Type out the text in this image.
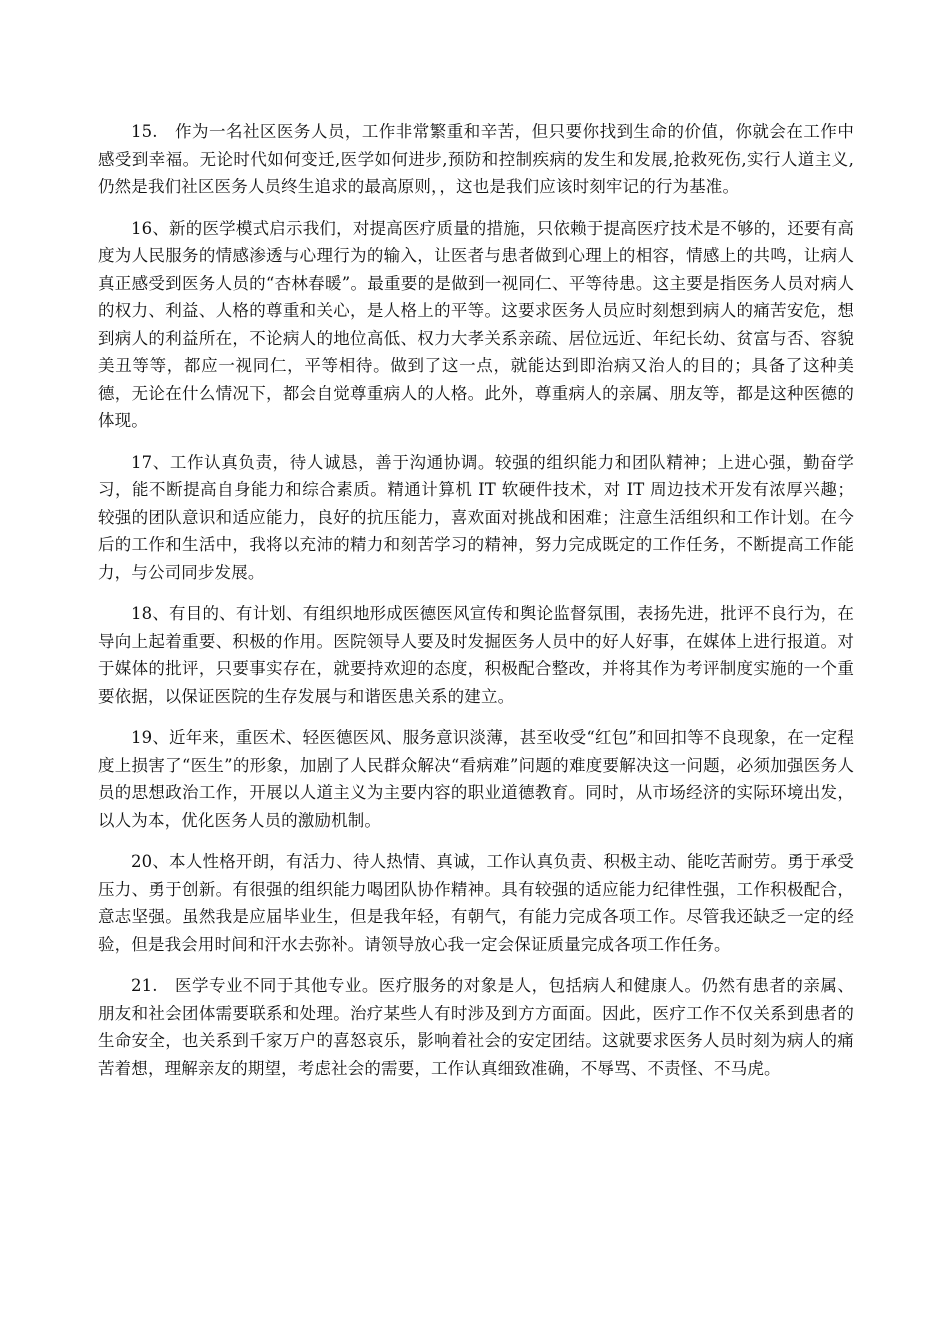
15.　作为一名社区医务人员，工作非常繁重和辛苦，但只要你找到生命的价值，你就会在工作中感受到幸福。无论时代如何变迁,医学如何进步,预防和控制疾病的发生和发展,抢救死伤,实行人道主义,仍然是我们社区医务人员终生追求的最高原则，，这也是我们应该时刻牢记的行为基准。

16、新的医学模式启示我们，对提高医疗质量的措施，只依赖于提高医疗技术是不够的，还要有高度为人民服务的情感渗透与心理行为的输入，让医者与患者做到心理上的相容，情感上的共鸣，让病人真正感受到医务人员的“杏林春暖”。最重要的是做到一视同仁、平等待患。这主要是指医务人员对病人的权力、利益、人格的尊重和关心，是人格上的平等。这要求医务人员应时刻想到病人的痛苦安危，想到病人的利益所在，不论病人的地位高低、权力大孝关系亲疏、居位远近、年纪长幼、贫富与否、容貌美丑等等，都应一视同仁，平等相待。做到了这一点，就能达到即治病又治人的目的；具备了这种美德，无论在什么情况下，都会自觉尊重病人的人格。此外，尊重病人的亲属、朋友等，都是这种医德的体现。

17、工作认真负责，待人诚恳，善于沟通协调。较强的组织能力和团队精神；上进心强，勤奋学习，能不断提高自身能力和综合素质。精通计算机 IT 软硬件技术，对 IT 周边技术开发有浓厚兴趣；较强的团队意识和适应能力，良好的抗压能力，喜欢面对挑战和困难；注意生活组织和工作计划。在今后的工作和生活中，我将以充沛的精力和刻苦学习的精神，努力完成既定的工作任务，不断提高工作能力，与公司同步发展。

18、有目的、有计划、有组织地形成医德医风宣传和舆论监督氛围，表扬先进，批评不良行为，在导向上起着重要、积极的作用。医院领导人要及时发掘医务人员中的好人好事，在媒体上进行报道。对于媒体的批评，只要事实存在，就要持欢迎的态度，积极配合整改，并将其作为考评制度实施的一个重要依据，以保证医院的生存发展与和谐医患关系的建立。

19、近年来，重医术、轻医德医风、服务意识淡薄，甚至收受“红包”和回扣等不良现象，在一定程度上损害了“医生”的形象，加剧了人民群众解决“看病难”问题的难度要解决这一问题，必须加强医务人员的思想政治工作，开展以人道主义为主要内容的职业道德教育。同时，从市场经济的实际环境出发，以人为本，优化医务人员的激励机制。

20、本人性格开朗，有活力、待人热情、真诚，工作认真负责、积极主动、能吃苦耐劳。勇于承受压力、勇于创新。有很强的组织能力喝团队协作精神。具有较强的适应能力纪律性强，工作积极配合，意志坚强。虽然我是应届毕业生，但是我年轻，有朝气，有能力完成各项工作。尽管我还缺乏一定的经验，但是我会用时间和汗水去弥补。请领导放心我一定会保证质量完成各项工作任务。

21.　医学专业不同于其他专业。医疗服务的对象是人，包括病人和健康人。仍然有患者的亲属、朋友和社会团体需要联系和处理。治疗某些人有时涉及到方方面面。因此，医疗工作不仅关系到患者的生命安全，也关系到千家万户的喜怒哀乐，影响着社会的安定团结。这就要求医务人员时刻为病人的痛苦着想，理解亲友的期望，考虑社会的需要，工作认真细致准确，不辱骂、不责怪、不马虎。
